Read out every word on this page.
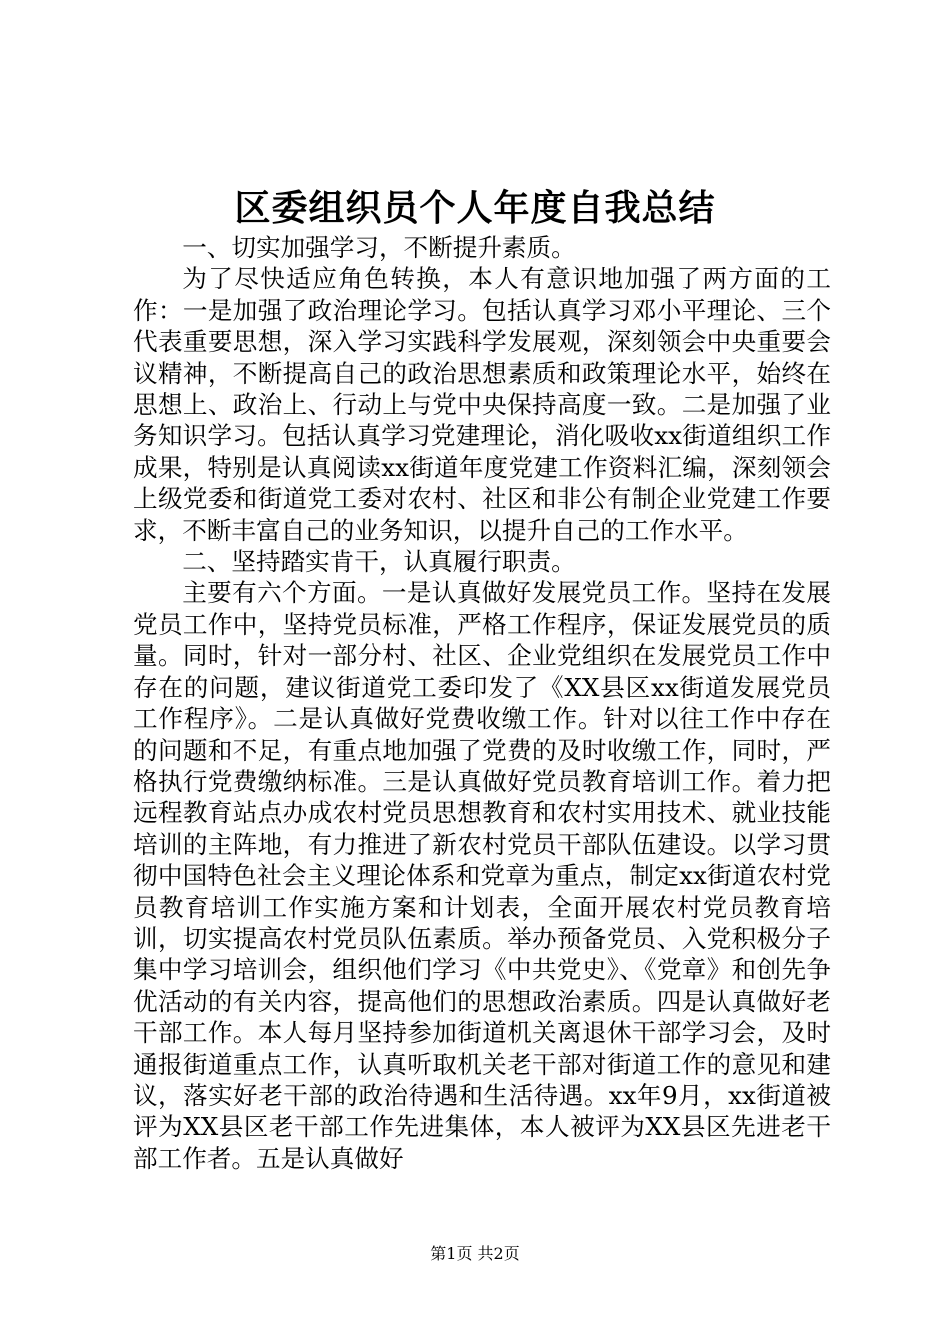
区委组织员个人年度自我总结

一、切实加强学习，不断提升素质。

为了尽快适应角色转换，本人有意识地加强了两方面的工作：一是加强了政治理论学习。包括认真学习邓小平理论、三个代表重要思想，深入学习实践科学发展观，深刻领会中央重要会议精神，不断提高自己的政治思想素质和政策理论水平，始终在思想上、政治上、行动上与党中央保持高度一致。二是加强了业务知识学习。包括认真学习党建理论，消化吸收xx街道组织工作成果，特别是认真阅读xx街道年度党建工作资料汇编，深刻领会上级党委和街道党工委对农村、社区和非公有制企业党建工作要求，不断丰富自己的业务知识，以提升自己的工作水平。

二、坚持踏实肯干，认真履行职责。

主要有六个方面。一是认真做好发展党员工作。坚持在发展党员工作中，坚持党员标准，严格工作程序，保证发展党员的质量。同时，针对一部分村、社区、企业党组织在发展党员工作中存在的问题，建议街道党工委印发了《XX县区xx街道发展党员工作程序》。二是认真做好党费收缴工作。针对以往工作中存在的问题和不足，有重点地加强了党费的及时收缴工作，同时，严格执行党费缴纳标准。三是认真做好党员教育培训工作。着力把远程教育站点办成农村党员思想教育和农村实用技术、就业技能培训的主阵地，有力推进了新农村党员干部队伍建设。以学习贯彻中国特色社会主义理论体系和党章为重点，制定xx街道农村党员教育培训工作实施方案和计划表，全面开展农村党员教育培训，切实提高农村党员队伍素质。举办预备党员、入党积极分子集中学习培训会，组织他们学习《中共党史》、《党章》和创先争优活动的有关内容，提高他们的思想政治素质。四是认真做好老干部工作。本人每月坚持参加街道机关离退休干部学习会，及时通报街道重点工作，认真听取机关老干部对街道工作的意见和建议，落实好老干部的政治待遇和生活待遇。xx年9月，xx街道被评为XX县区老干部工作先进集体，本人被评为XX县区先进老干部工作者。五是认真做好

第1页 共2页
